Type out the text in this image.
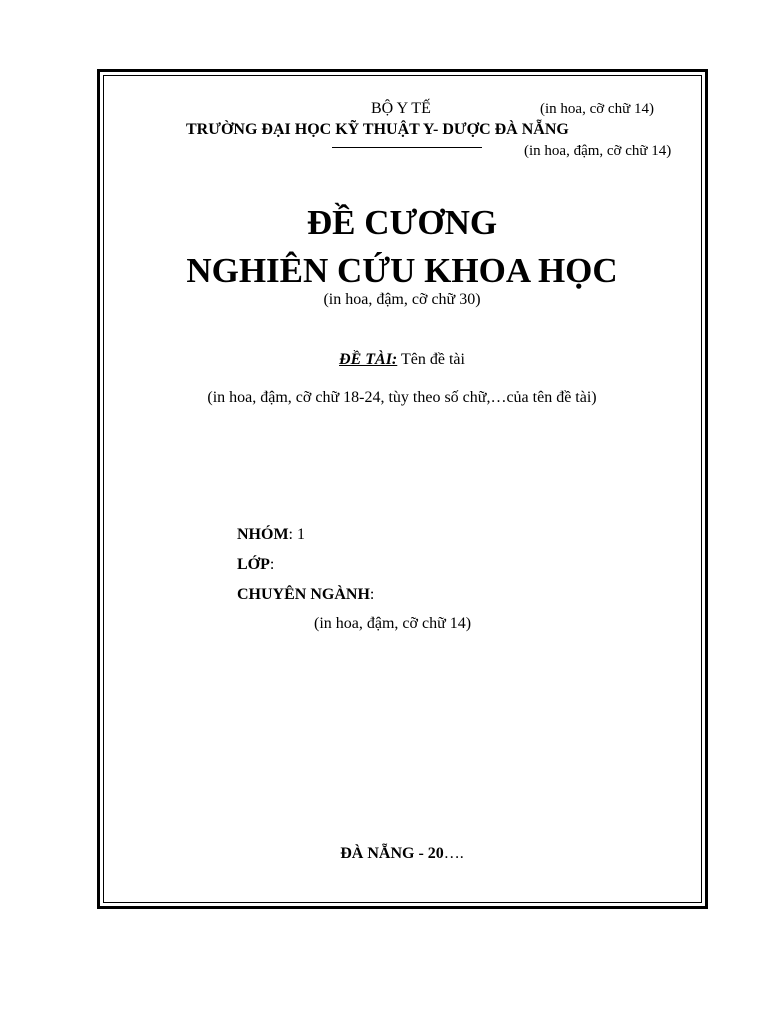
BỘ Y TẾ	(in hoa, cỡ chữ 14)
TRƯỜNG ĐẠI HỌC KỸ THUẬT Y- DƯỢC ĐÀ NẴNG
(in hoa, đậm, cỡ chữ 14)
ĐỀ CƯƠNG
NGHIÊN CỨU KHOA HỌC
(in hoa, đậm, cỡ chữ 30)
ĐỀ TÀI: Tên đề tài
(in hoa, đậm, cỡ chữ 18-24, tùy theo số chữ,…của tên đề tài)
NHÓM: 1
LỚP:
CHUYÊN NGÀNH:
(in hoa, đậm, cỡ chữ 14)
ĐÀ NẴNG - 20….
